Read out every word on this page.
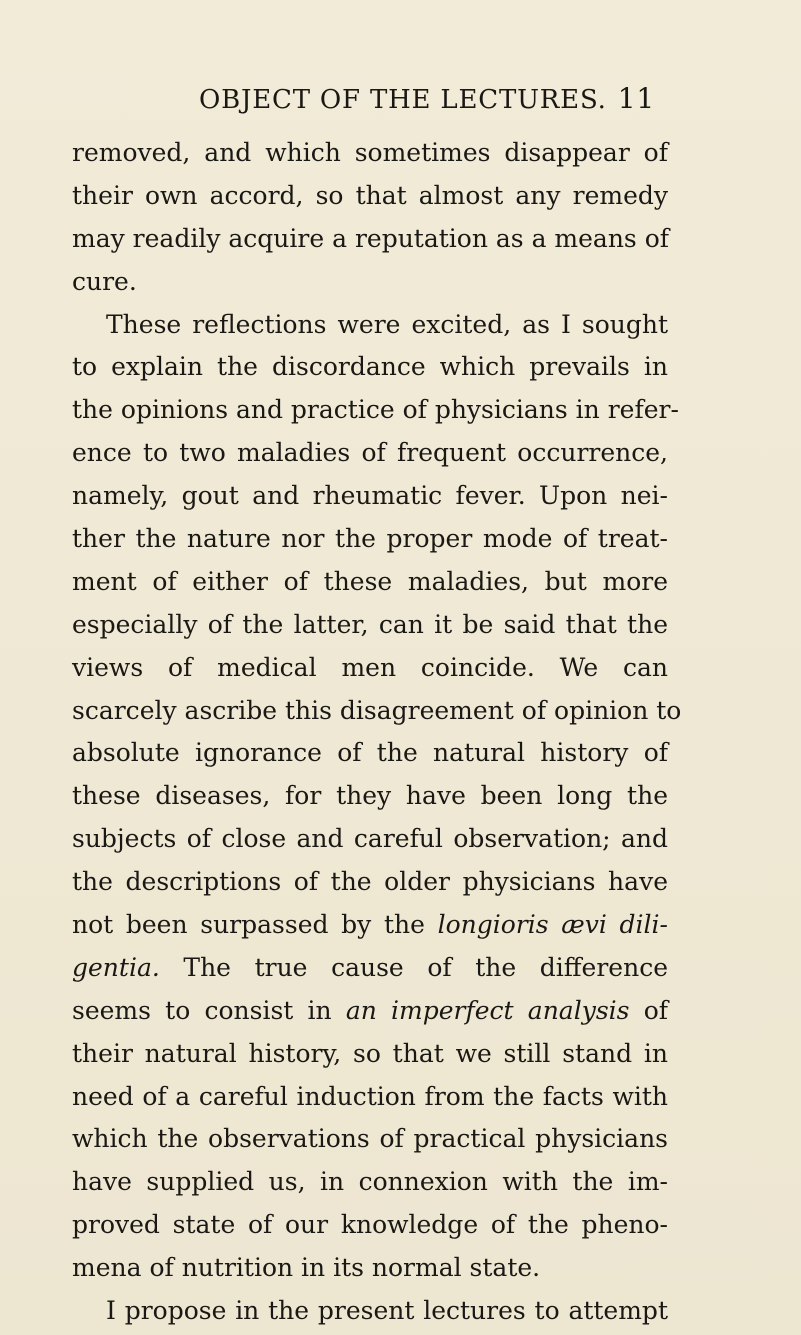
OBJECT OF THE LECTURES. 11
removed, and which sometimes disappear of
their own accord, so that almost any remedy
may readily acquire a reputation as a means of
cure.
These reflections were excited, as I sought
to explain the discordance which prevails in
the opinions and practice of physicians in refer-
ence to two maladies of frequent occurrence,
namely, gout and rheumatic fever. Upon nei-
ther the nature nor the proper mode of treat-
ment of either of these maladies, but more
especially of the latter, can it be said that the
views of medical men coincide. We can
scarcely ascribe this disagreement of opinion to
absolute ignorance of the natural history of
these diseases, for they have been long the
subjects of close and careful observation; and
the descriptions of the older physicians have
not been surpassed by the longioris ævi dili-
gentia. The true cause of the difference
seems to consist in an imperfect analysis of
their natural history, so that we still stand in
need of a careful induction from the facts with
which the observations of practical physicians
have supplied us, in connexion with the im-
proved state of our knowledge of the pheno-
mena of nutrition in its normal state.
I propose in the present lectures to attempt
